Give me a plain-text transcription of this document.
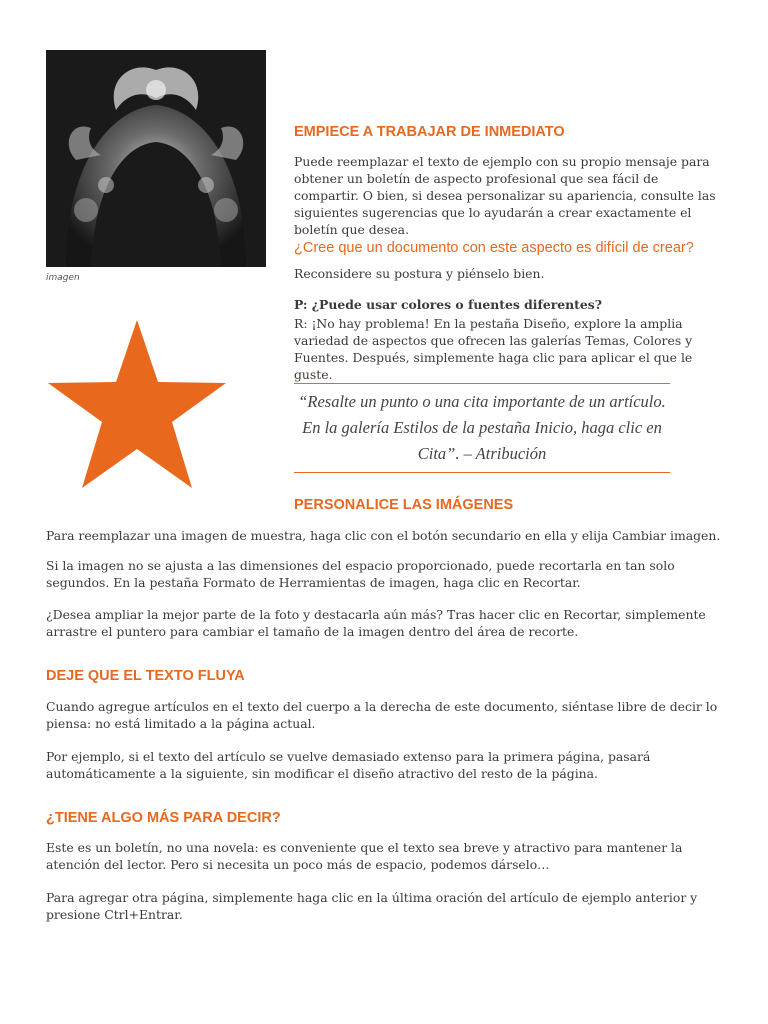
imagen
EMPIECE A TRABAJAR DE INMEDIATO

Puede reemplazar el texto de ejemplo con su propio mensaje para obtener un boletín de aspecto profesional que sea fácil de compartir. O bien, si desea personalizar su apariencia, consulte las siguientes sugerencias que lo ayudarán a crear exactamente el boletín que desea.

¿Cree que un documento con este aspecto es difícil de crear?

Reconsidere su postura y piénselo bien.

P: ¿Puede usar colores o fuentes diferentes?

R: ¡No hay problema! En la pestaña Diseño, explore la amplia variedad de aspectos que ofrecen las galerías Temas, Colores y Fuentes. Después, simplemente haga clic para aplicar el que le guste.

“Resalte un punto o una cita importante de un artículo. En la galería Estilos de la pestaña Inicio, haga clic en Cita”. – Atribución

PERSONALICE LAS IMÁGENES

Para reemplazar una imagen de muestra, haga clic con el botón secundario en ella y elija Cambiar imagen.

Si la imagen no se ajusta a las dimensiones del espacio proporcionado, puede recortarla en tan solo segundos. En la pestaña Formato de Herramientas de imagen, haga clic en Recortar.

¿Desea ampliar la mejor parte de la foto y destacarla aún más? Tras hacer clic en Recortar, simplemente arrastre el puntero para cambiar el tamaño de la imagen dentro del área de recorte.

DEJE QUE EL TEXTO FLUYA

Cuando agregue artículos en el texto del cuerpo a la derecha de este documento, siéntase libre de decir lo piensa: no está limitado a la página actual.

Por ejemplo, si el texto del artículo se vuelve demasiado extenso para la primera página, pasará automáticamente a la siguiente, sin modificar el diseño atractivo del resto de la página.

¿TIENE ALGO MÁS PARA DECIR?

Este es un boletín, no una novela: es conveniente que el texto sea breve y atractivo para mantener la atención del lector. Pero si necesita un poco más de espacio, podemos dárselo…

Para agregar otra página, simplemente haga clic en la última oración del artículo de ejemplo anterior y presione Ctrl+Entrar.
